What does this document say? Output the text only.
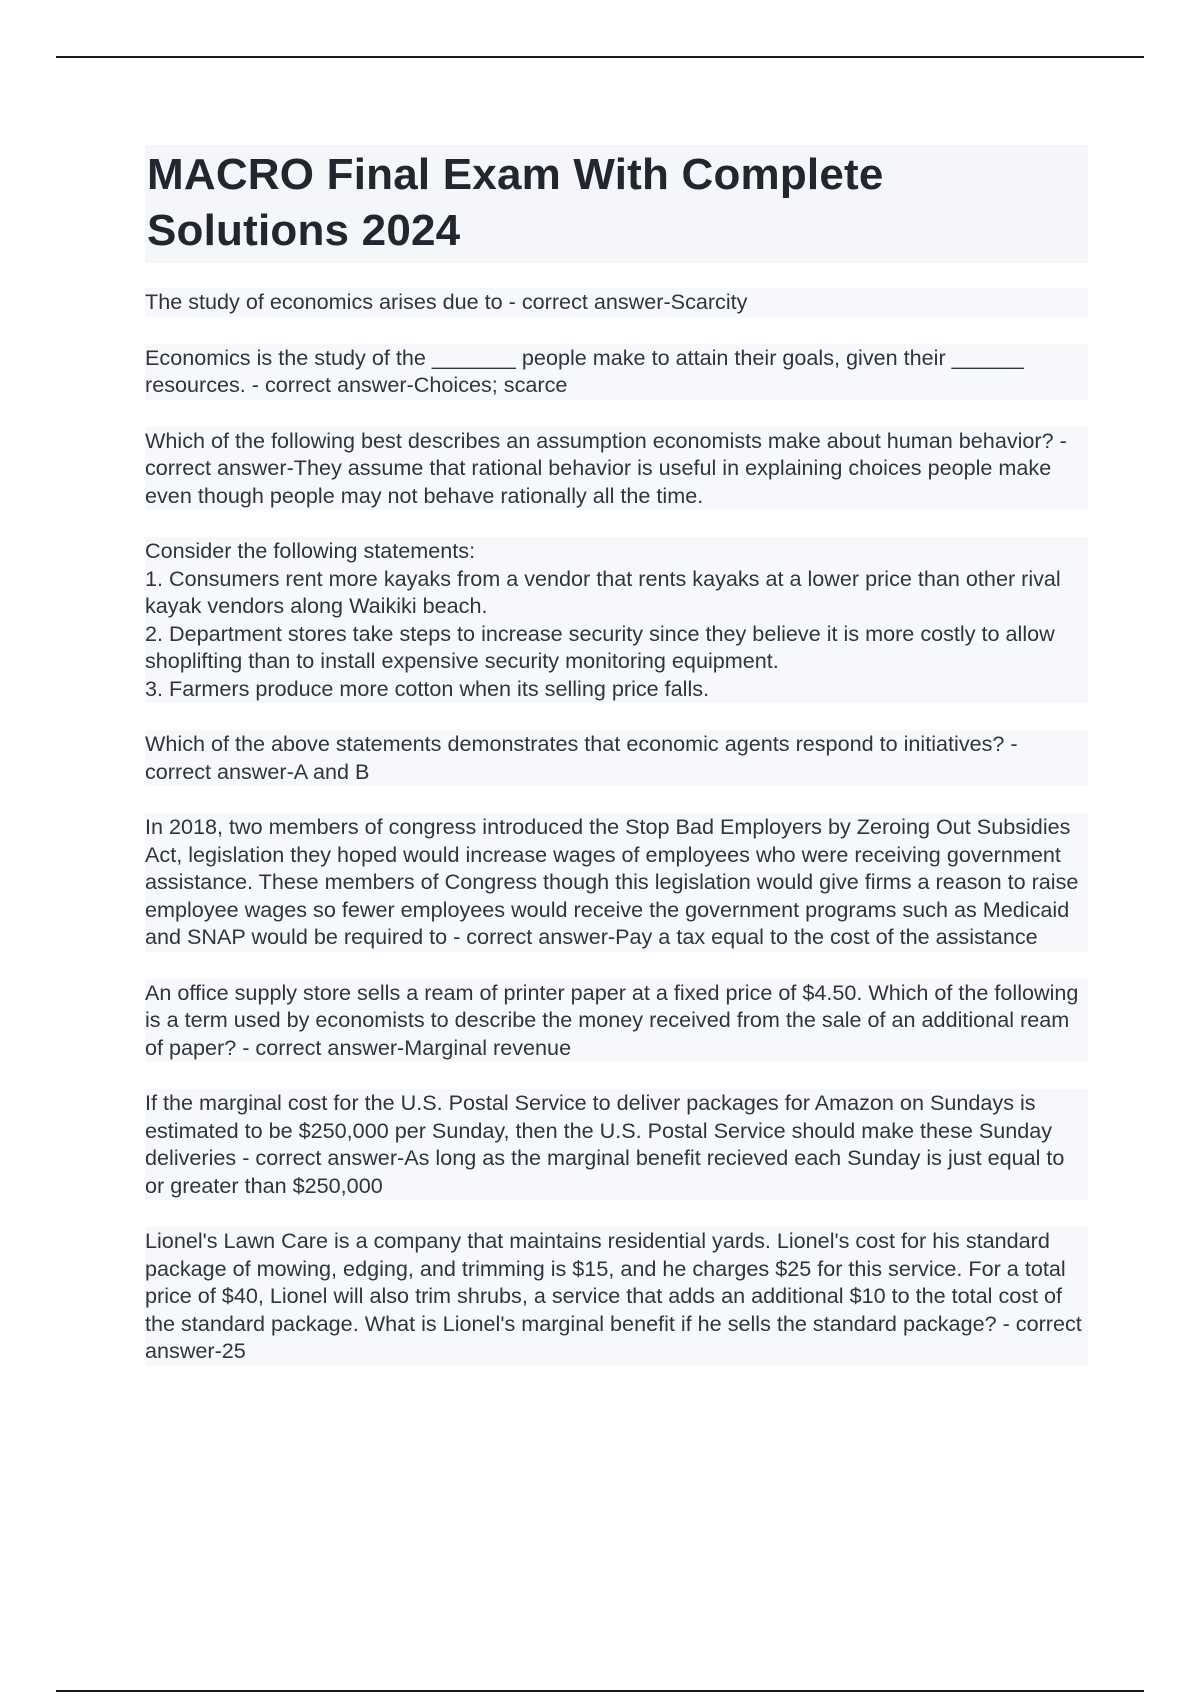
MACRO Final Exam With Complete Solutions 2024

The study of economics arises due to - correct answer-Scarcity

Economics is the study of the _______ people make to attain their goals, given their ______ resources. - correct answer-Choices; scarce

Which of the following best describes an assumption economists make about human behavior? - correct answer-They assume that rational behavior is useful in explaining choices people make even though people may not behave rationally all the time.

Consider the following statements:
1. Consumers rent more kayaks from a vendor that rents kayaks at a lower price than other rival kayak vendors along Waikiki beach.
2. Department stores take steps to increase security since they believe it is more costly to allow shoplifting than to install expensive security monitoring equipment.
3. Farmers produce more cotton when its selling price falls.

Which of the above statements demonstrates that economic agents respond to initiatives? - correct answer-A and B

In 2018, two members of congress introduced the Stop Bad Employers by Zeroing Out Subsidies Act, legislation they hoped would increase wages of employees who were receiving government assistance. These members of Congress though this legislation would give firms a reason to raise employee wages so fewer employees would receive the government programs such as Medicaid and SNAP would be required to - correct answer-Pay a tax equal to the cost of the assistance

An office supply store sells a ream of printer paper at a fixed price of $4.50. Which of the following is a term used by economists to describe the money received from the sale of an additional ream of paper? - correct answer-Marginal revenue

If the marginal cost for the U.S. Postal Service to deliver packages for Amazon on Sundays is estimated to be $250,000 per Sunday, then the U.S. Postal Service should make these Sunday deliveries - correct answer-As long as the marginal benefit recieved each Sunday is just equal to or greater than $250,000

Lionel's Lawn Care is a company that maintains residential yards. Lionel's cost for his standard package of mowing, edging, and trimming is $15, and he charges $25 for this service. For a total price of $40, Lionel will also trim shrubs, a service that adds an additional $10 to the total cost of the standard package. What is Lionel's marginal benefit if he sells the standard package? - correct answer-25
